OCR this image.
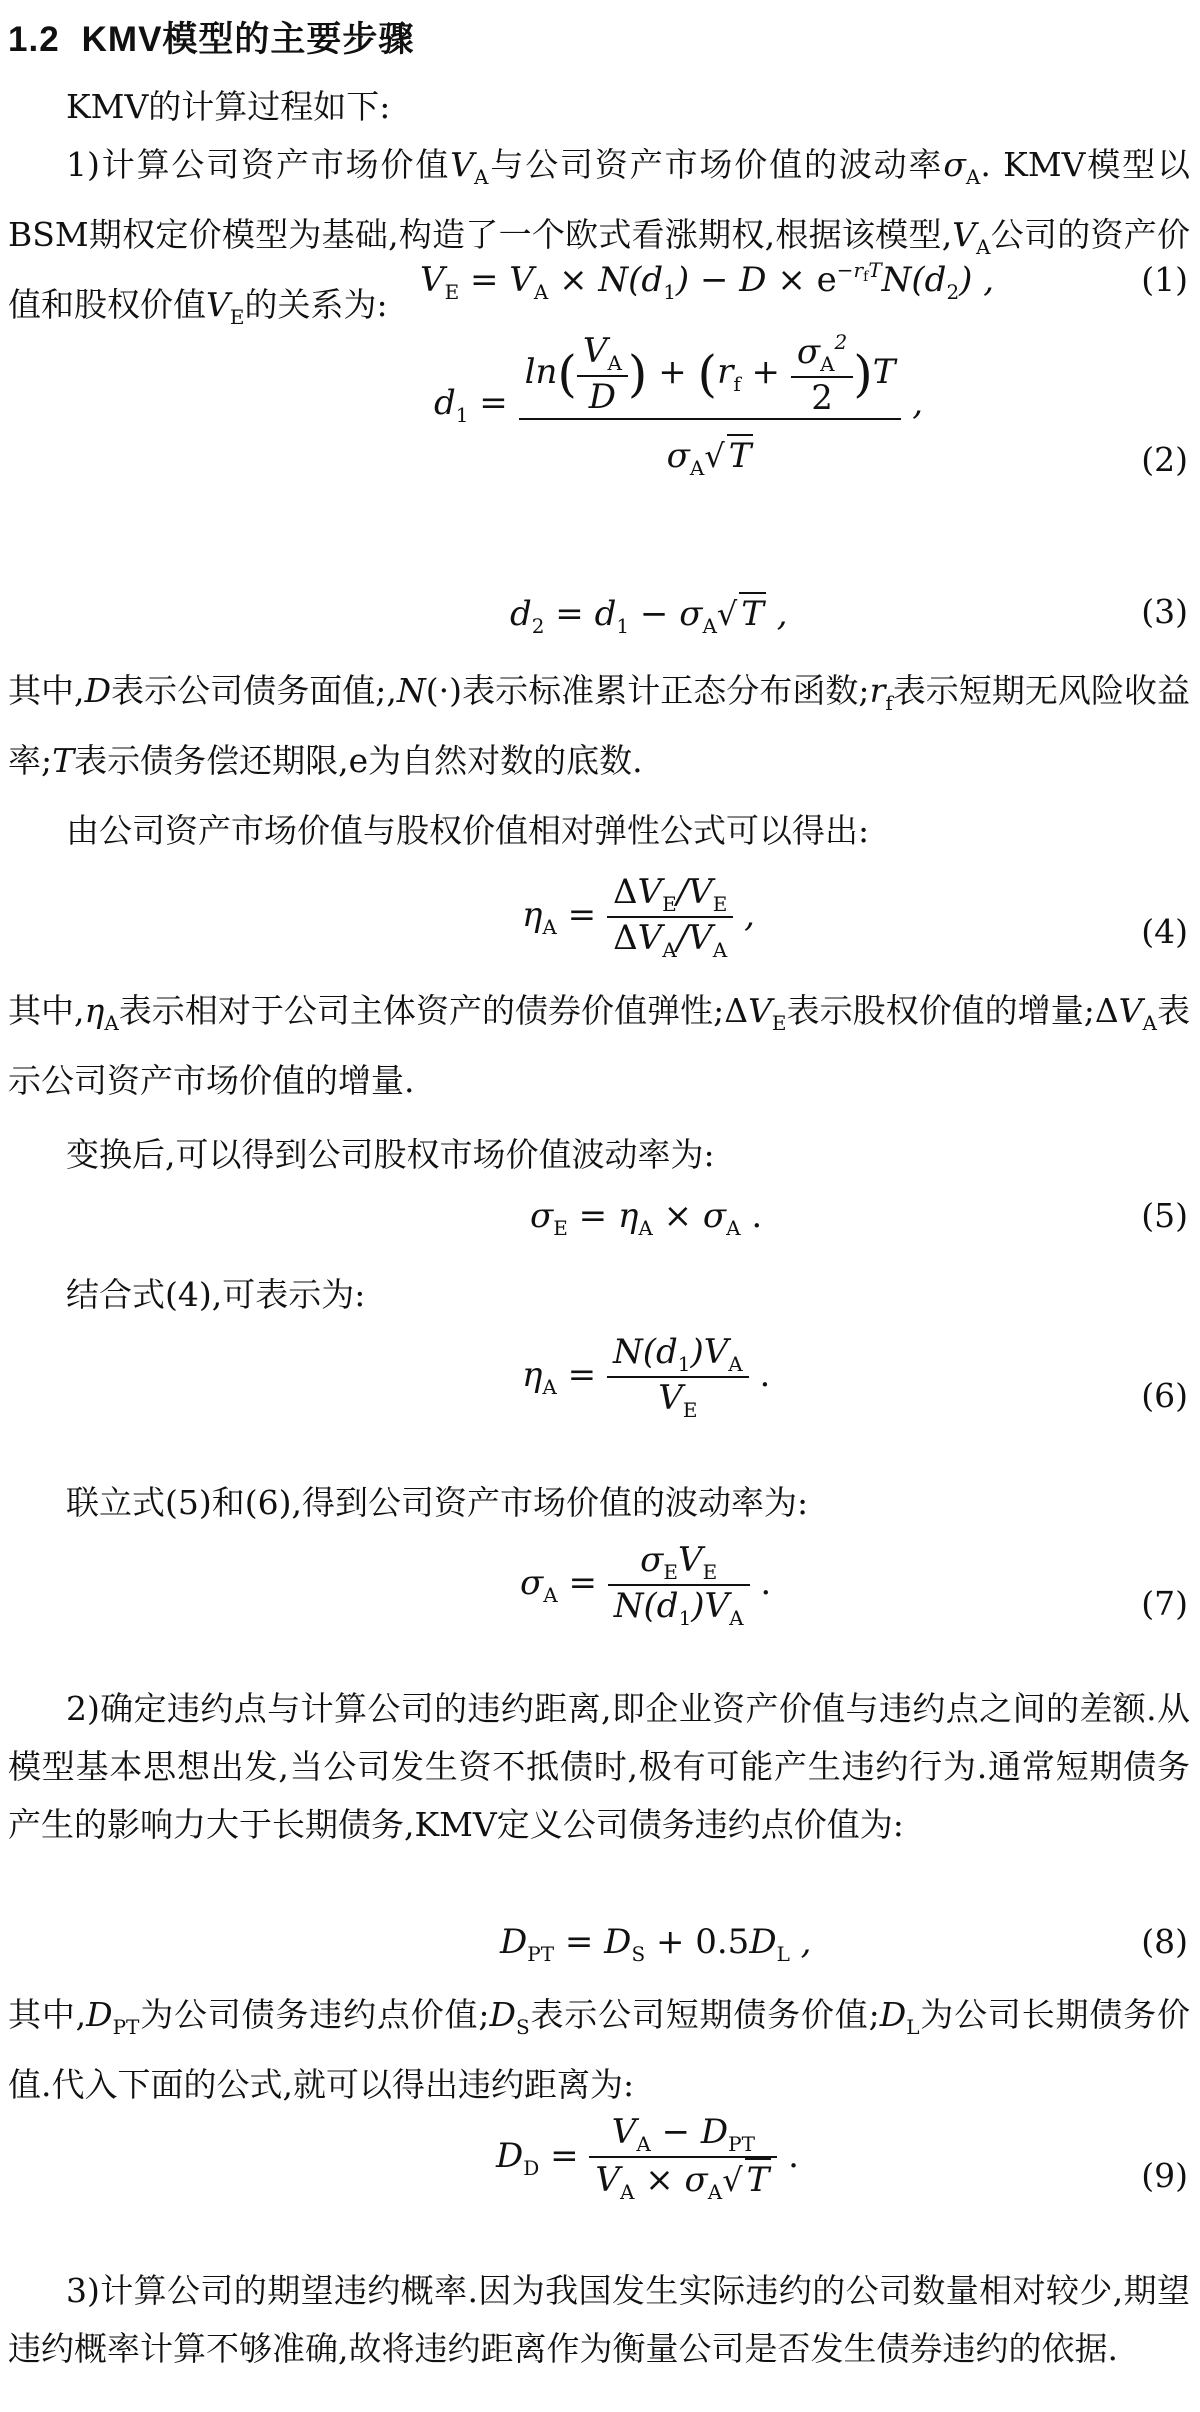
1.2 KMV模型的主要步骤
KMV的计算过程如下:
1)计算公司资产市场价值$V_A$与公司资产市场价值的波动率$\sigma_A$. KMV模型以BSM期权定价模型为基础,构造了一个欧式看涨期权,根据该模型$,V_A$公司的资产价值和股权价值$V_E$的关系为:
$V_E = V_A \times N(d_1) - D \times e^{-r_fT}N(d_2)$ ,	(1)
$d_1 = \frac{\ln( \frac{V_A}{D} ) + (r_f + \frac{\sigma_A^2}{2} )T}{\sigma_A√ T}$ ,
(2)
$d_2 = d_1 - \sigma_A√$ T ,	(3)
其中,D表示公司债务面值;,N(·)表示标准累计正态分布函数$;r_f$表示短期无风险收益率;T表示债务偿还期限,e为自然对数的底数.
由公司资产市场价值与股权价值相对弹性公式可以得出:
$\eta_A = \frac{\Delta V_E/V_E}{\Delta V_A/V_A}$ ,	(4)
其中$,\eta_A$表示相对于公司主体资产的债券价值弹性$;\Delta V_E$表示股权价值的增量$;\Delta V_A$表示公司资产市场价值的增量.
变换后,可以得到公司股权市场价值波动率为:
$\sigma_E = \eta_A \times \sigma_A$ .	(5)
结合式(4),可表示为:
$\eta_A = \frac{N(d_1)V_A}{V_E}$ .
(6)
联立式(5)和(6),得到公司资产市场价值的波动率为:
$\sigma_A = \frac{\sigma_EV_E}{N(d_1)V_A}$ .
(7)
2)确定违约点与计算公司的违约距离,即企业资产价值与违约点之间的差额.从模型基本思想出发,当公司发生资不抵债时,极有可能产生违约行为.通常短期债务产生的影响力大于长期债务,KMV定义公司债务违约点价值为:
$D_{PT} = D_S + 0.5D_L$ ,	(8)
其中$,D_{PT}$为公司债务违约点价值$;D_S$表示公司短期债务价值$;D_L$为公司长期债务价值.代入下面的公式,就可以得出违约距离为:
$D_D = \frac{V_A - D_{PT}}{V_A \times \sigma_A√ T}$ .	(9)
3)计算公司的期望违约概率.因为我国发生实际违约的公司数量相对较少,期望违约概率计算不够准确,故将违约距离作为衡量公司是否发生债券违约的依据.
